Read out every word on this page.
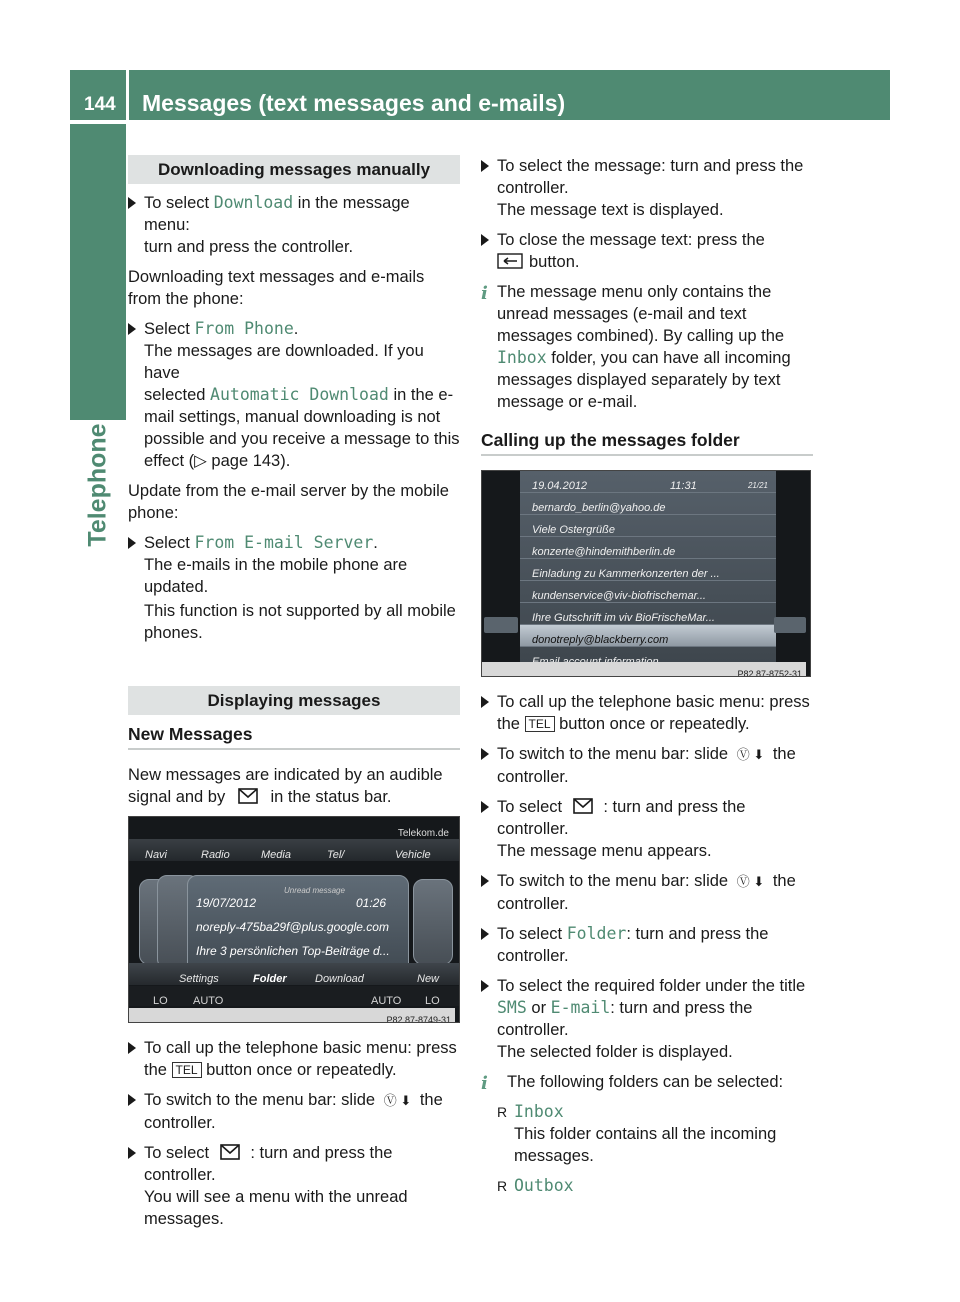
144 Messages (text messages and e-mails)
Telephone
Downloading messages manually
To select Download in the message menu:
turn and press the controller.

Downloading text messages and e-mails from the phone:

Select From Phone.
The messages are downloaded. If you have
selected Automatic Download in the e-
mail settings, manual downloading is not
possible and you receive a message to this
effect (▷ page 143).

Update from the e-mail server by the mobile phone:

Select From E-mail Server.
The e-mails in the mobile phone are updated.
This function is not supported by all mobile phones.
Displaying messages
New Messages

New messages are indicated by an audible
signal and by	in the status bar.

Telekom.de
Navi	Radio	Media	Tel/	Vehicle
19/07/2012
Unread message
01:26
noreply-475ba29f@plus.google.com
Ihre 3 persönlichen Top-Beiträge d...
Settings	Folder	Download	New
LO AUTO	AUTO LO
P82.87-8749-31
To call up the telephone basic menu: press
the TEL button once or repeatedly.
To switch to the menu bar: slide Ⓥ ⬇ the
controller.
To select : turn and press the
controller.
You will see a menu with the unread
messages.
To select the message: turn and press the
controller.
The message text is displayed.
To close the message text: press the
button.
i The message menu only contains the
unread messages (e-mail and text
messages combined). By calling up the
Inbox folder, you can have all incoming
messages displayed separately by text
message or e-mail.
Calling up the messages folder
19.04.2012	11:31	21/21
bernardo_berlin@yahoo.de
Viele Ostergrüße
konzerte@hindemithberlin.de
Einladung zu Kammerkonzerten der ...
kundenservice@viv-biofrischemar...
Ihre Gutschrift im viv BioFrischeMar...
donotreply@blackberry.com
P82.87-8752-31
To call up the telephone basic menu: press
the TEL button once or repeatedly.
To switch to the menu bar: slide Ⓥ ⬇ the
controller.
To select : turn and press the
controller.
The message menu appears.
To switch to the menu bar: slide Ⓥ ⬇ the
controller.
To select Folder: turn and press the
controller.
To select the required folder under the title
SMS or E-mail: turn and press the
controller.
The selected folder is displayed.
i	The following folders can be selected:
R Inbox
This folder contains all the incoming
messages.
R Outbox
